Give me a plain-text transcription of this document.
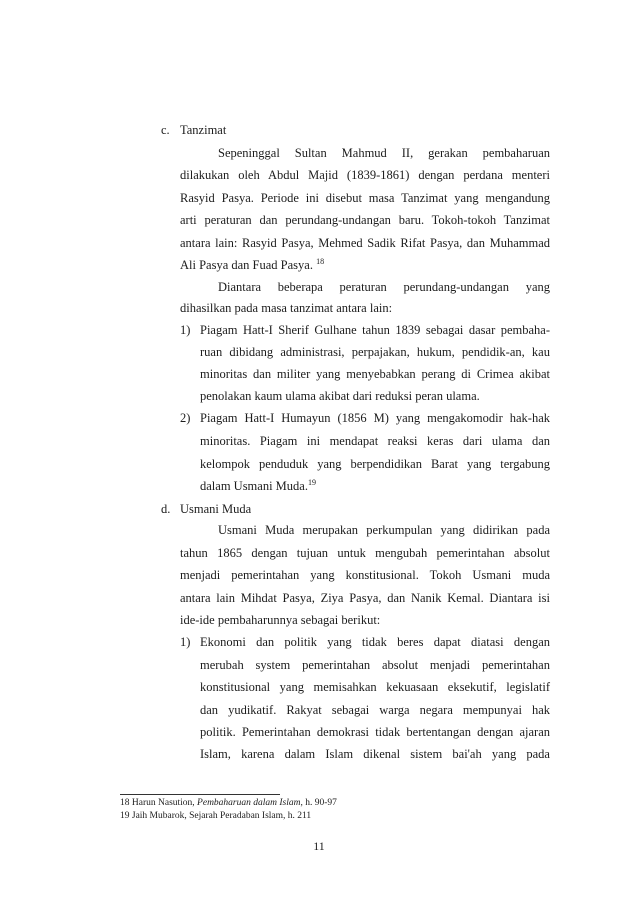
c. Tanzimat
Sepeninggal Sultan Mahmud II, gerakan pembaharuan
dilakukan oleh Abdul Majid (1839-1861) dengan perdana menteri
Rasyid Pasya. Periode ini disebut masa Tanzimat yang mengandung
arti peraturan dan perundang-undangan baru. Tokoh-tokoh Tanzimat
antara lain: Rasyid Pasya, Mehmed Sadik Rifat Pasya, dan Muhammad
Ali Pasya dan Fuad Pasya. $^{18}$
Diantara beberapa peraturan perundang-undangan yang
dihasilkan pada masa tanzimat antara lain:
1) Piagam Hatt-I Sherif Gulhane tahun 1839 sebagai dasar pembaha-
ruan dibidang administrasi, perpajakan, hukum, pendidik-an, kau
minoritas dan militer yang menyebabkan perang di Crimea akibat
penolakan kaum ulama akibat dari reduksi peran ulama.
2) Piagam Hatt-I Humayun (1856 M) yang mengakomodir hak-hak
minoritas. Piagam ini mendapat reaksi keras dari ulama dan
kelompok penduduk yang berpendidikan Barat yang tergabung
dalam Usmani Muda.$^{19}$
d. Usmani Muda
Usmani Muda merupakan perkumpulan yang didirikan pada
tahun 1865 dengan tujuan untuk mengubah pemerintahan absolut
menjadi pemerintahan yang konstitusional. Tokoh Usmani muda
antara lain Mihdat Pasya, Ziya Pasya, dan Nanik Kemal. Diantara isi
ide-ide pembaharunnya sebagai berikut:
1) Ekonomi dan politik yang tidak beres dapat diatasi dengan
merubah system pemerintahan absolut menjadi pemerintahan
konstitusional yang memisahkan kekuasaan eksekutif, legislatif
dan yudikatif. Rakyat sebagai warga negara mempunyai hak
politik. Pemerintahan demokrasi tidak bertentangan dengan ajaran
Islam, karena dalam Islam dikenal sistem bai'ah yang pada
18 Harun Nasution, Pembaharuan dalam Islam, h. 90-97
19 Jaih Mubarok, Sejarah Peradaban Islam, h. 211
11
